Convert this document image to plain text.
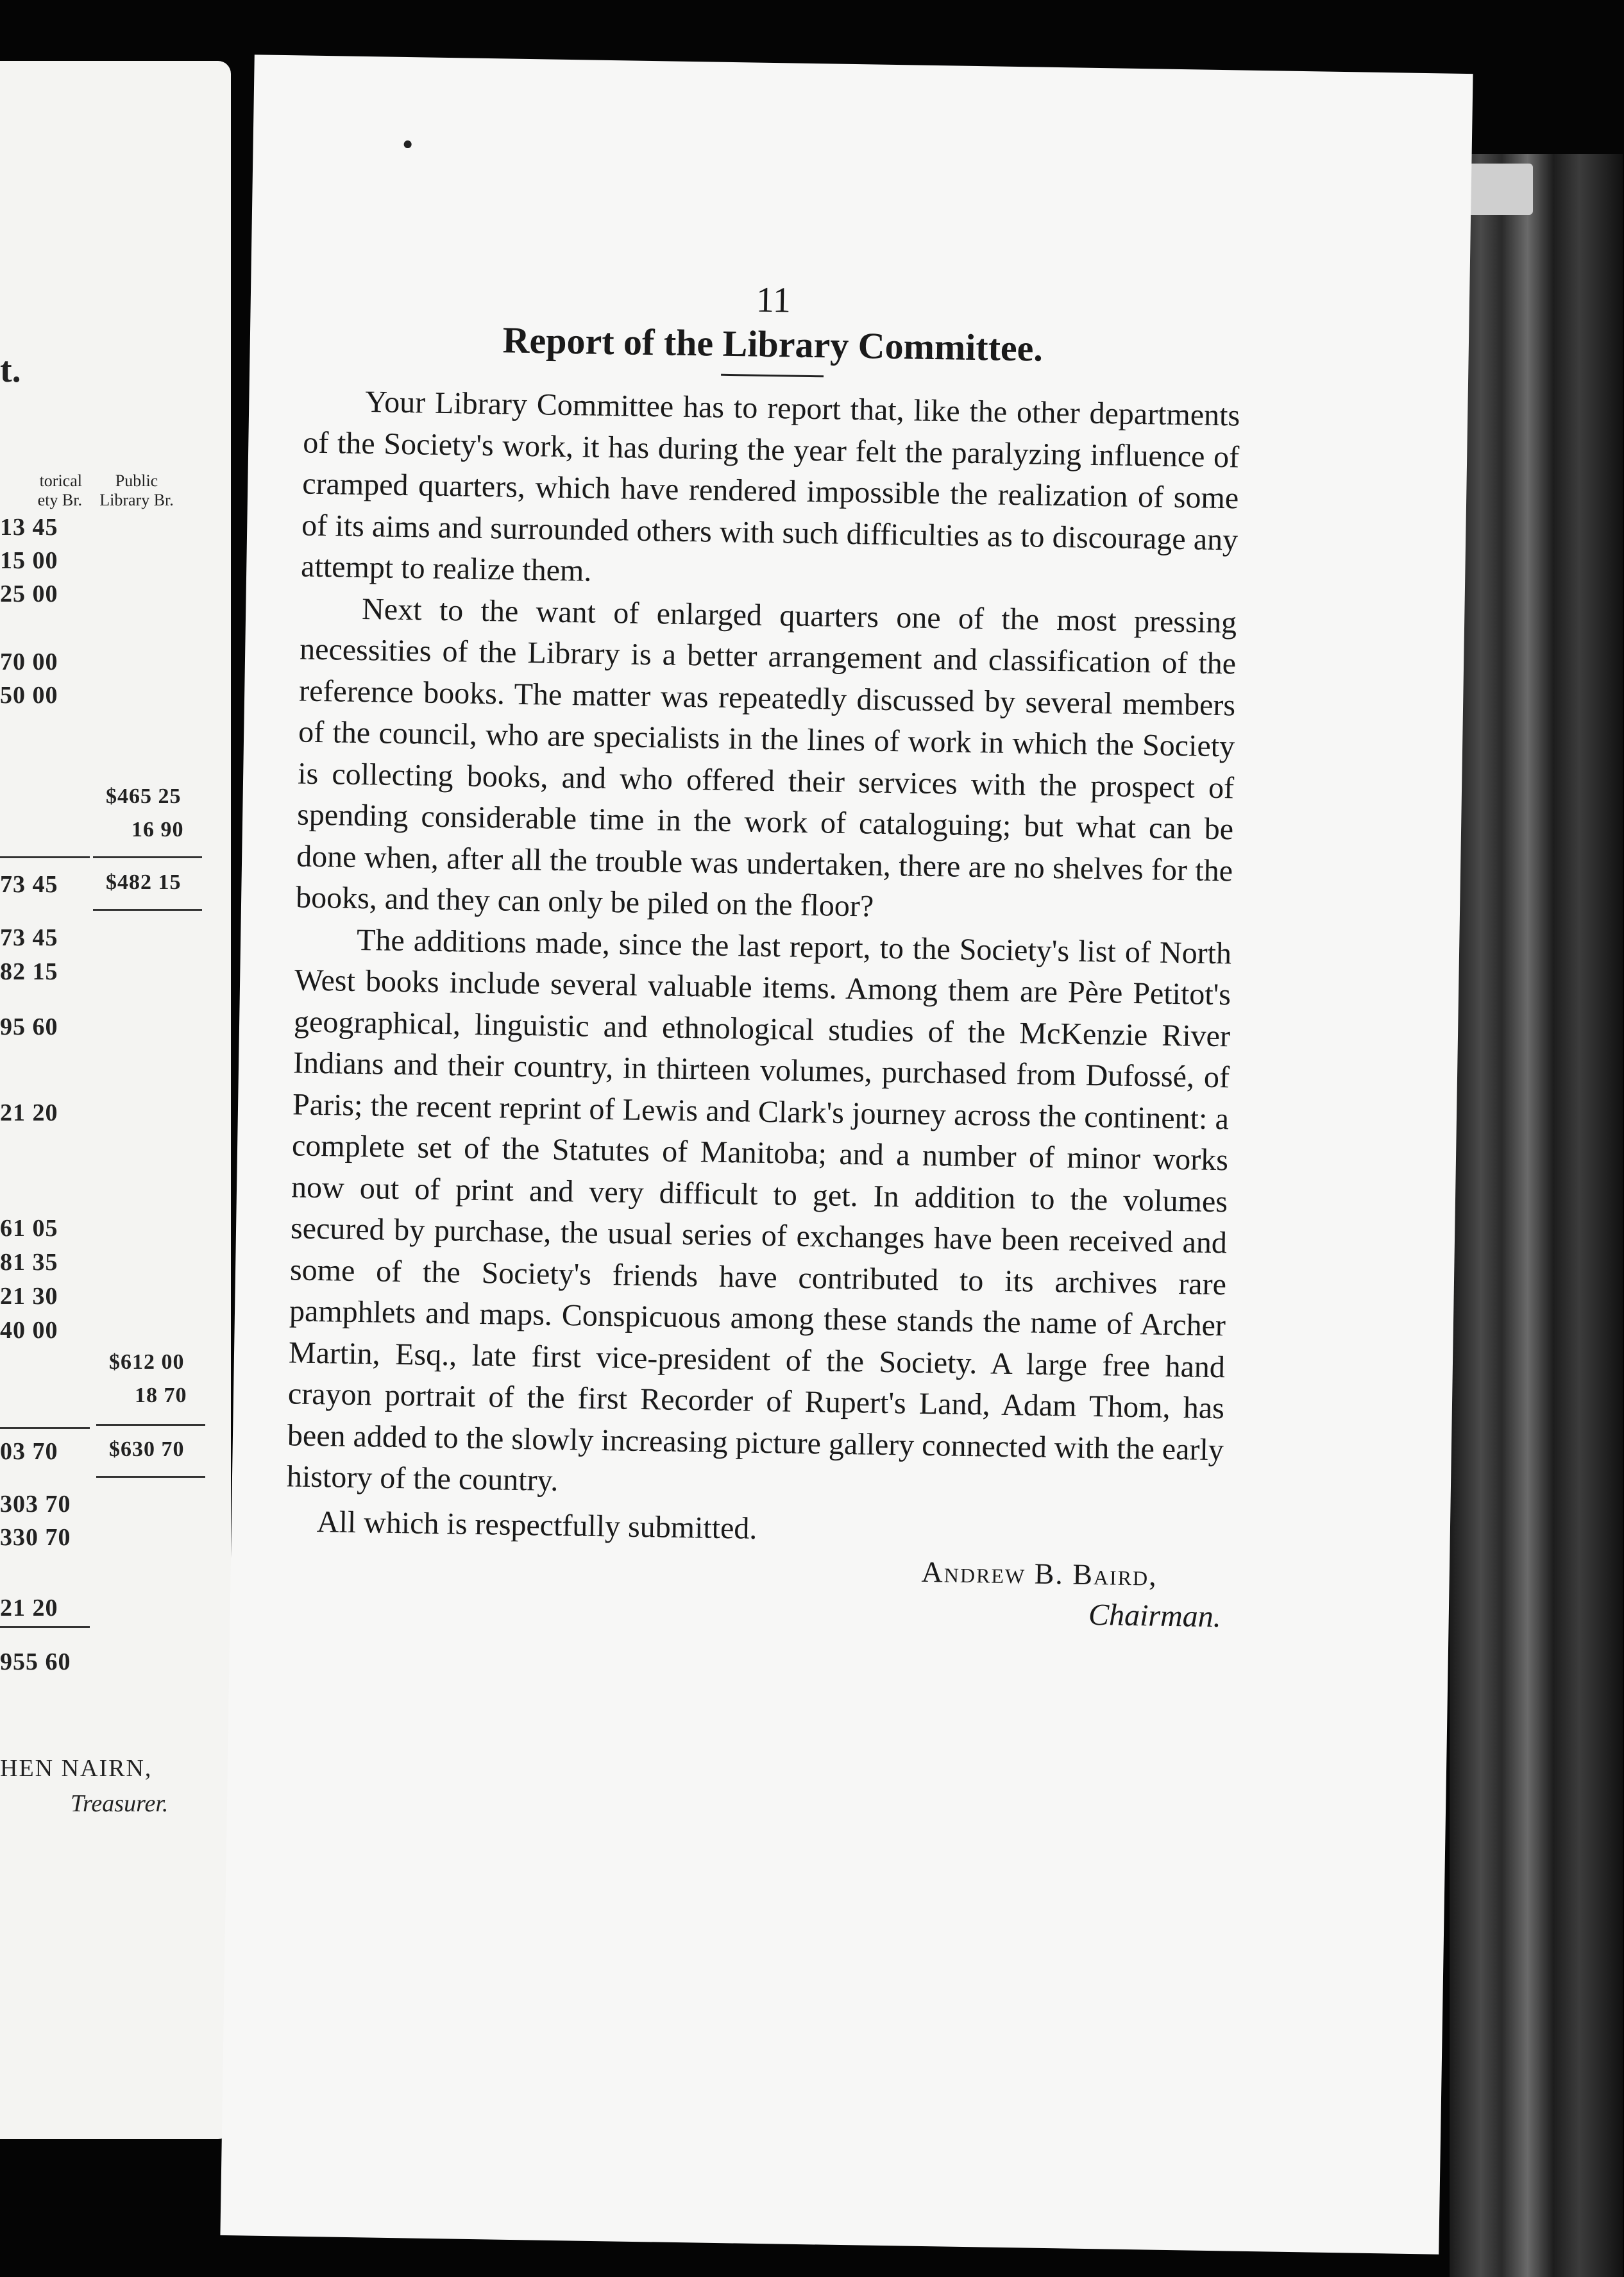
t.
torical
ety Br.
Public
Library Br.
13 45
15 00
25 00
70 00
50 00
73 45
73 45
82 15
95 60
21 20
61 05
81 35
21 30
40 00
03 70
303 70
330 70
21 20
955 60
$465 25
16 90
$482 15
$612 00
18 70
$630 70
HEN NAIRN,
Treasurer.

11

Report of the Library Committee.

Your Library Committee has to report that, like the other departments of the Society's work, it has during the year felt the paralyzing influence of cramped quarters, which have rendered impossible the realization of some of its aims and surrounded others with such difficulties as to discourage any attempt to realize them.

Next to the want of enlarged quarters one of the most pressing necessities of the Library is a better arrangement and classification of the reference books. The matter was repeatedly discussed by several members of the council, who are specialists in the lines of work in which the Society is collecting books, and who offered their services with the prospect of spending considerable time in the work of cataloguing; but what can be done when, after all the trouble was undertaken, there are no shelves for the books, and they can only be piled on the floor?

The additions made, since the last report, to the Society's list of North West books include several valuable items. Among them are Père Petitot's geographical, linguistic and ethnological studies of the McKenzie River Indians and their country, in thirteen volumes, purchased from Dufossé, of Paris; the recent reprint of Lewis and Clark's journey across the continent: a complete set of the Statutes of Manitoba; and a number of minor works now out of print and very difficult to get. In addition to the volumes secured by purchase, the usual series of exchanges have been received and some of the Society's friends have contributed to its archives rare pamphlets and maps. Conspicuous among these stands the name of Archer Martin, Esq., late first vice-president of the Society. A large free hand crayon portrait of the first Recorder of Rupert's Land, Adam Thom, has been added to the slowly increasing picture gallery connected with the early history of the country.

All which is respectfully submitted.

Andrew B. Baird,

Chairman.
